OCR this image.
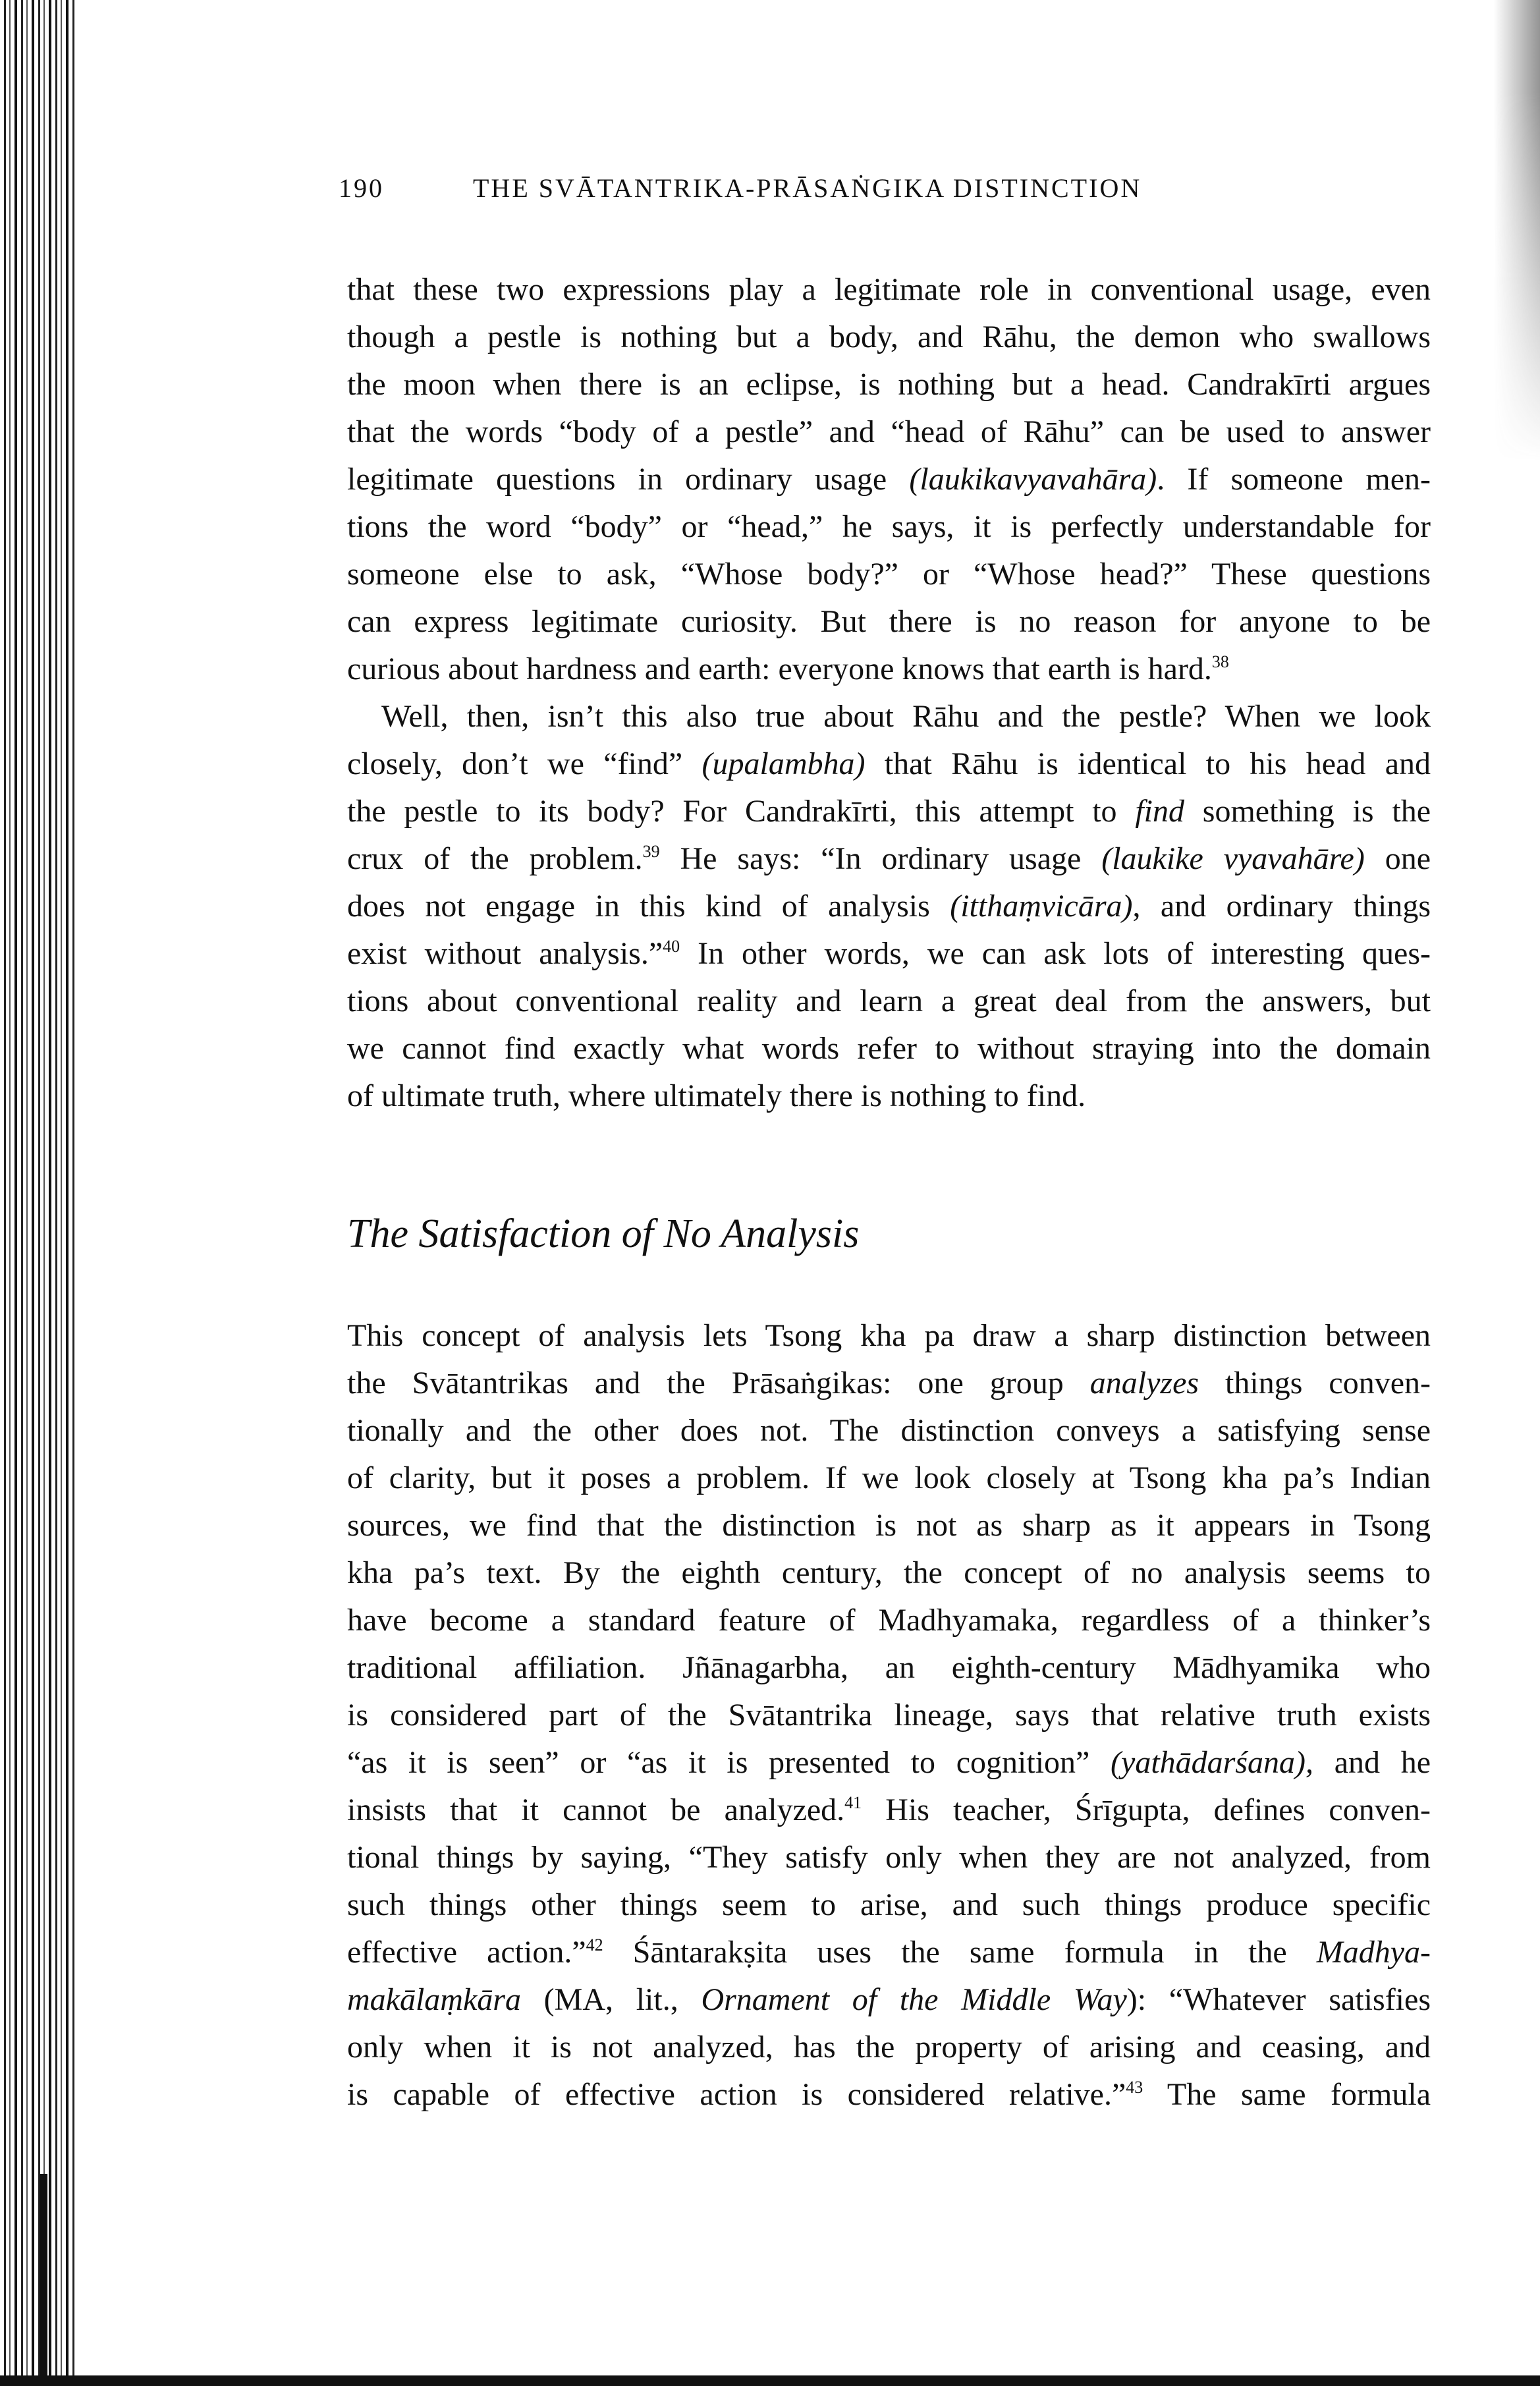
190	THE SVĀTANTRIKA-PRĀSAṄGIKA DISTINCTION
that these two expressions play a legitimate role in conventional usage, even
though a pestle is nothing but a body, and Rāhu, the demon who swallows
the moon when there is an eclipse, is nothing but a head. Candrakīrti argues
that the words “body of a pestle” and “head of Rāhu” can be used to answer
legitimate questions in ordinary usage (laukikavyavahāra). If someone men-
tions the word “body” or “head,” he says, it is perfectly understandable for
someone else to ask, “Whose body?” or “Whose head?” These questions
can express legitimate curiosity. But there is no reason for anyone to be
curious about hardness and earth: everyone knows that earth is hard.$^{38}$
Well, then, isn’t this also true about Rāhu and the pestle? When we look
closely, don’t we “find” (upalambha) that Rāhu is identical to his head and
the pestle to its body? For Candrakīrti, this attempt to find something is the
crux of the problem.$^{39}$ He says: “In ordinary usage (laukike vyavahāre) one
does not engage in this kind of analysis (itthaṃvicāra), and ordinary things
exist without analysis.”$^{40}$ In other words, we can ask lots of interesting ques-
tions about conventional reality and learn a great deal from the answers, but
we cannot find exactly what words refer to without straying into the domain
of ultimate truth, where ultimately there is nothing to find.
The Satisfaction of No Analysis
This concept of analysis lets Tsong kha pa draw a sharp distinction between
the Svātantrikas and the Prāsaṅgikas: one group analyzes things conven-
tionally and the other does not. The distinction conveys a satisfying sense
of clarity, but it poses a problem. If we look closely at Tsong kha pa’s Indian
sources, we find that the distinction is not as sharp as it appears in Tsong
kha pa’s text. By the eighth century, the concept of no analysis seems to
have become a standard feature of Madhyamaka, regardless of a thinker’s
traditional affiliation. Jñānagarbha, an eighth-century Mādhyamika who
is considered part of the Svātantrika lineage, says that relative truth exists
“as it is seen” or “as it is presented to cognition” (yathādarśana), and he
insists that it cannot be analyzed.$^{41}$ His teacher, Śrīgupta, defines conven-
tional things by saying, “They satisfy only when they are not analyzed, from
such things other things seem to arise, and such things produce specific
effective action.”$^{42}$ Śāntarakṣita uses the same formula in the Madhya-
makālaṃkāra (MA, lit., Ornament of the Middle Way): “Whatever satisfies
only when it is not analyzed, has the property of arising and ceasing, and
is capable of effective action is considered relative.”$^{43}$ The same formula
